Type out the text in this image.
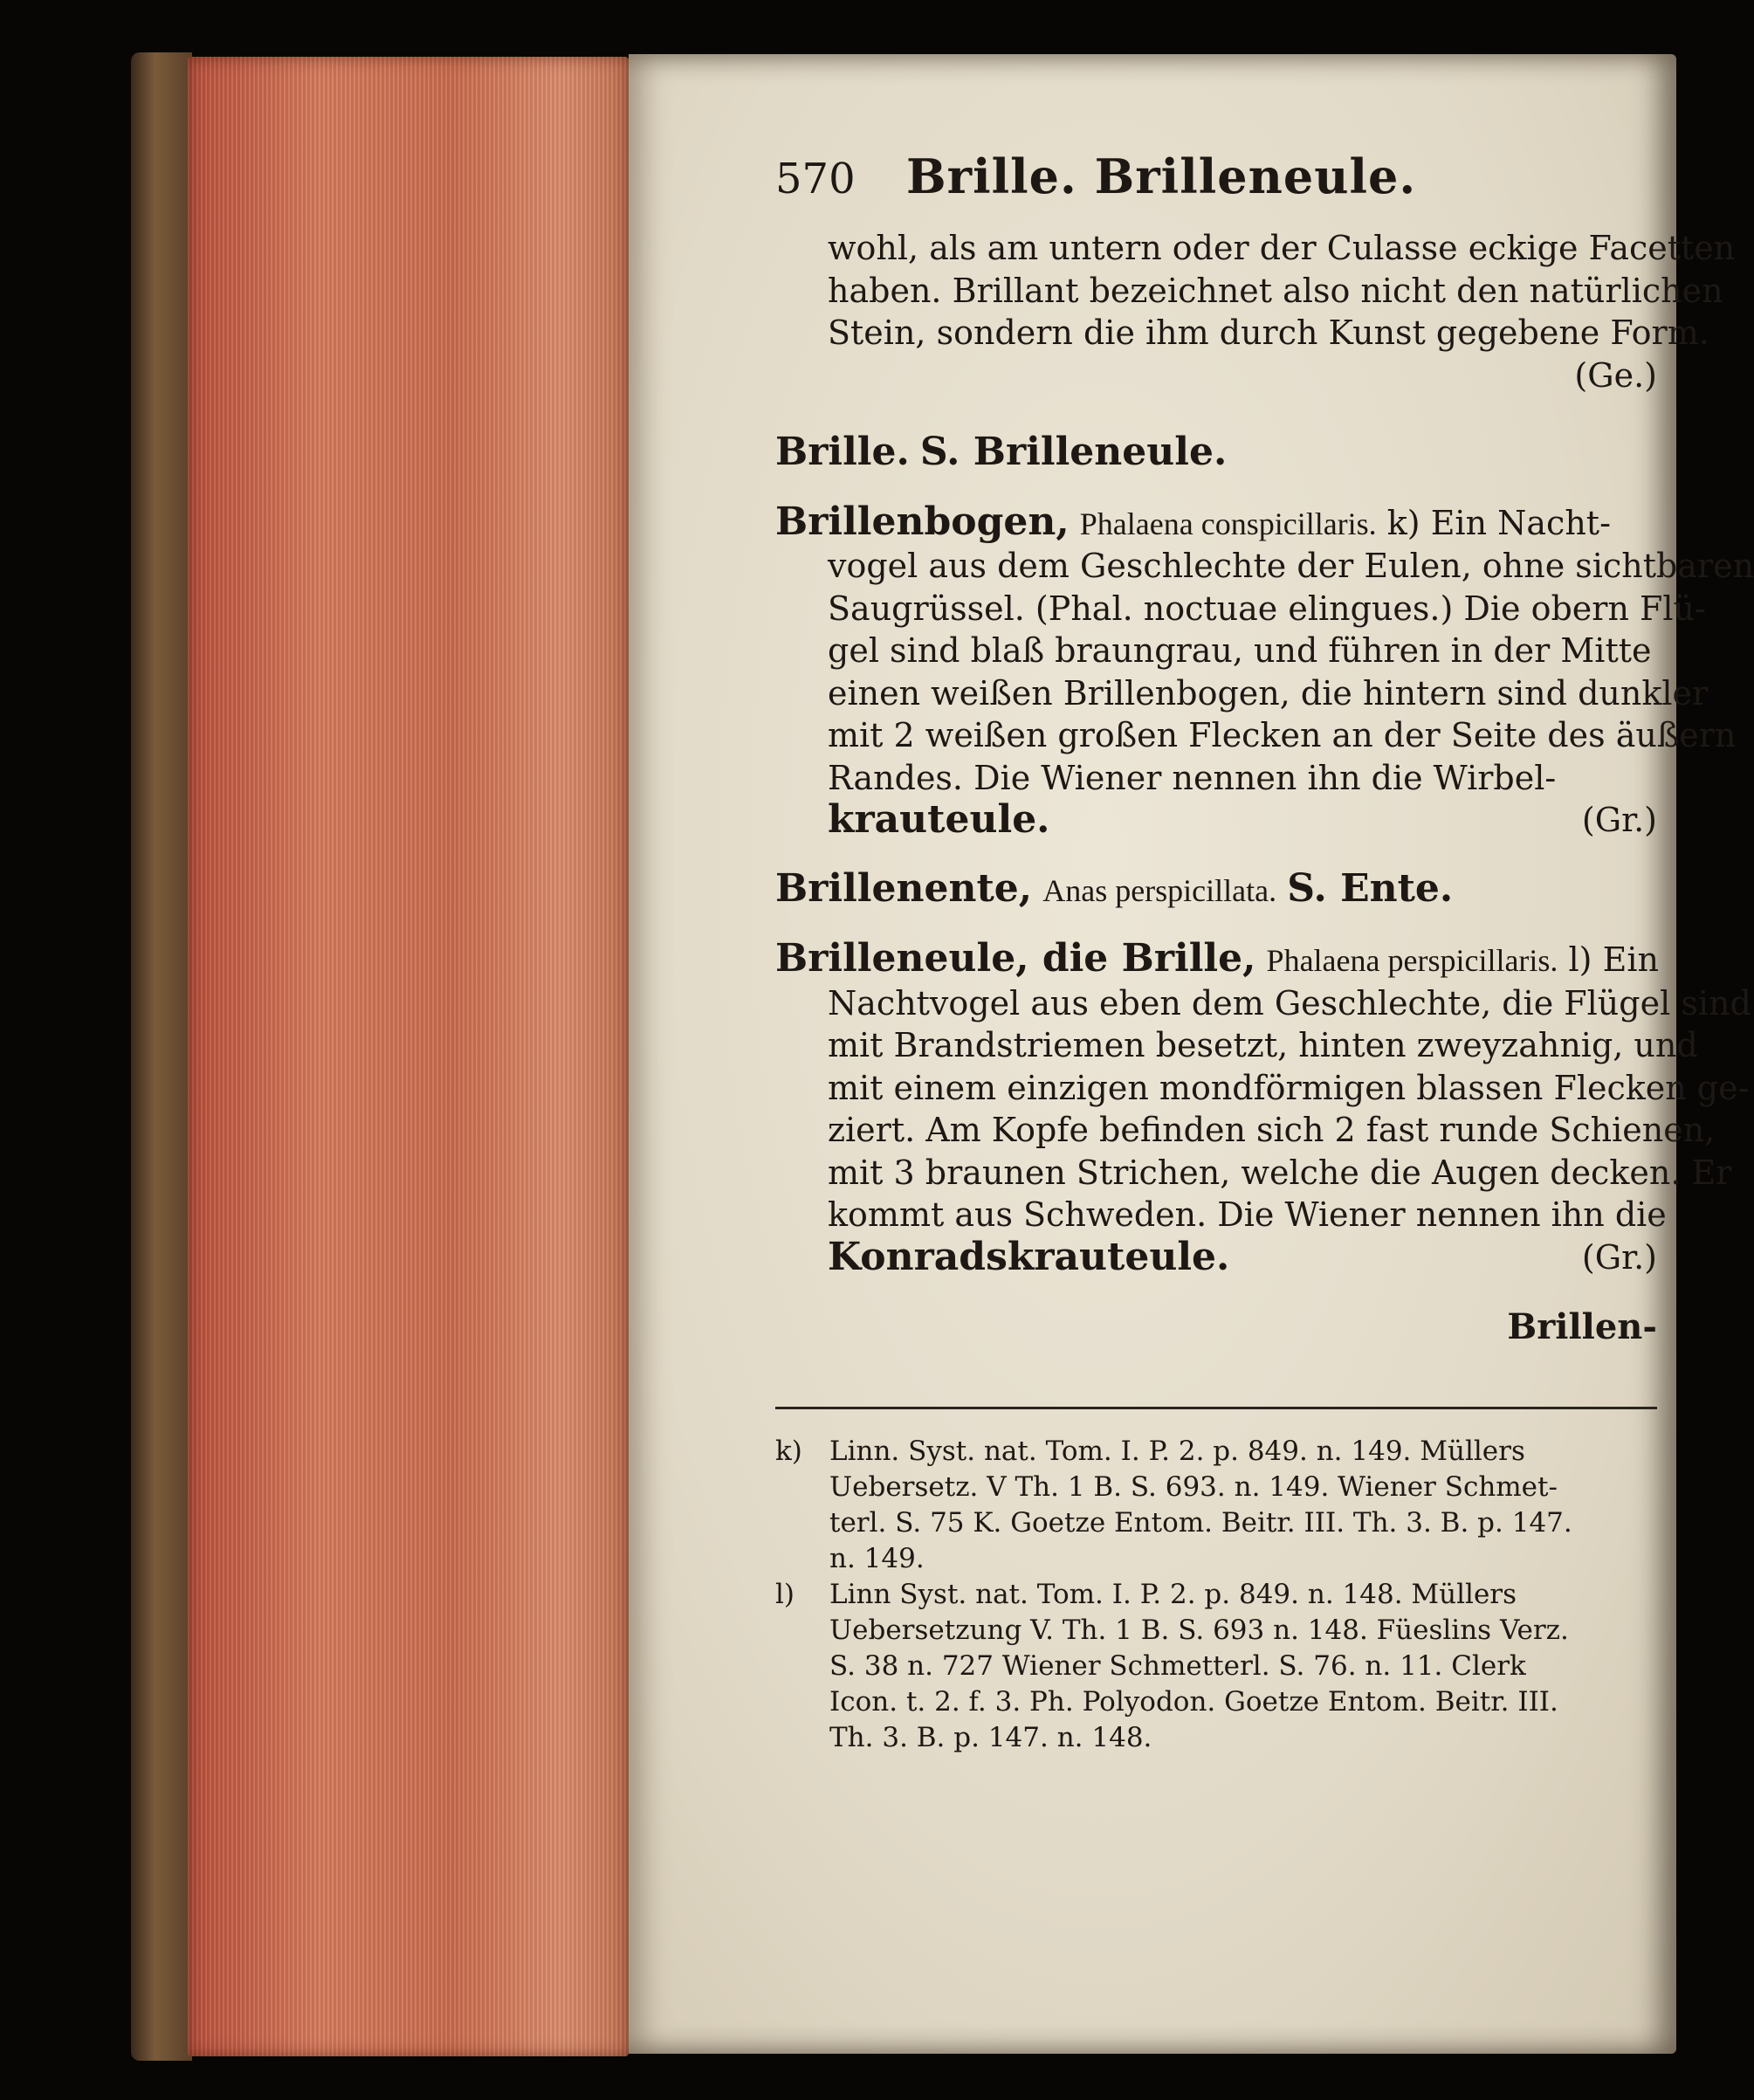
570	Brille. Brilleneule.
wohl, als am untern oder der Culasse eckige Facetten
haben. Brillant bezeichnet also nicht den natürlichen
Stein, sondern die ihm durch Kunst gegebene Form.
(Ge.)
Brille. S. Brilleneule.
Brillenbogen, Phalaena conspicillaris. k) Ein Nacht-
vogel aus dem Geschlechte der Eulen, ohne sichtbaren
Saugrüssel. (Phal. noctuae elingues.) Die obern Flü-
gel sind blaß braungrau, und führen in der Mitte
einen weißen Brillenbogen, die hintern sind dunkler
mit 2 weißen großen Flecken an der Seite des äußern
Randes. Die Wiener nennen ihn die Wirbel-
krauteule.	(Gr.)
Brillenente, Anas perspicillata. S. Ente.
Brilleneule, die Brille, Phalaena perspicillaris. l) Ein
Nachtvogel aus eben dem Geschlechte, die Flügel sind
mit Brandstriemen besetzt, hinten zweyzahnig, und
mit einem einzigen mondförmigen blassen Flecken ge-
ziert. Am Kopfe befinden sich 2 fast runde Schienen,
mit 3 braunen Strichen, welche die Augen decken. Er
kommt aus Schweden. Die Wiener nennen ihn die
Konradskrauteule.	(Gr.)
Brillen-
k) Linn. Syst. nat. Tom. I. P. 2. p. 849. n. 149. Müllers
Uebersetz. V Th. 1 B. S. 693. n. 149. Wiener Schmet-
terl. S. 75 K. Goetze Entom. Beitr. III. Th. 3. B. p. 147.
n. 149.
l) Linn Syst. nat. Tom. I. P. 2. p. 849. n. 148. Müllers
Uebersetzung V. Th. 1 B. S. 693 n. 148. Füeslins Verz.
S. 38 n. 727 Wiener Schmetterl. S. 76. n. 11. Clerk
Icon. t. 2. f. 3. Ph. Polyodon. Goetze Entom. Beitr. III.
Th. 3. B. p. 147. n. 148.
